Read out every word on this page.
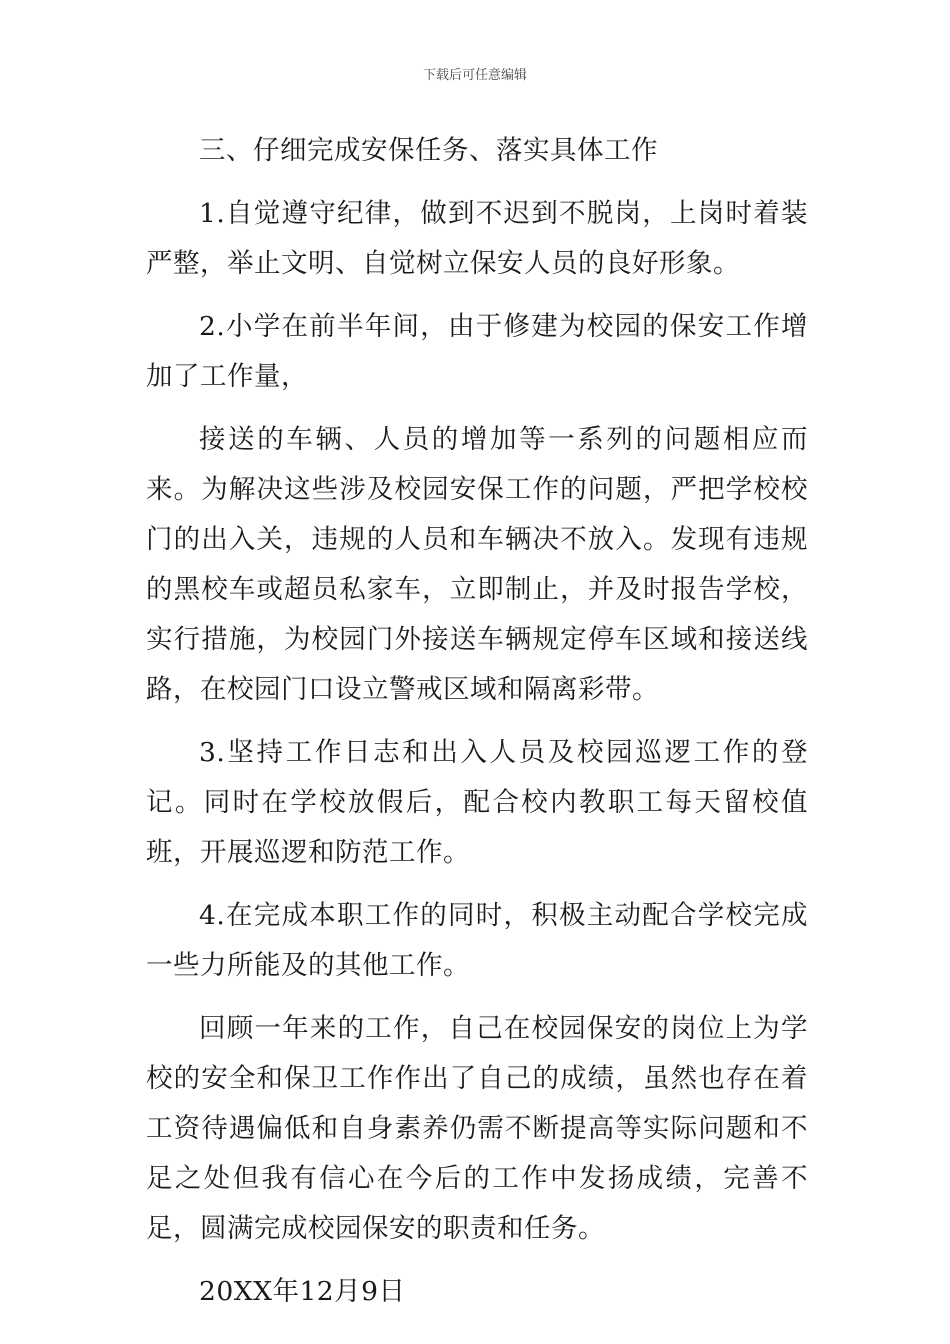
下载后可任意编辑

三、仔细完成安保任务、落实具体工作

1.自觉遵守纪律，做到不迟到不脱岗，上岗时着装严整，举止文明、自觉树立保安人员的良好形象。

2.小学在前半年间，由于修建为校园的保安工作增加了工作量，

接送的车辆、人员的增加等一系列的问题相应而来。为解决这些涉及校园安保工作的问题，严把学校校门的出入关，违规的人员和车辆决不放入。发现有违规的黑校车或超员私家车，立即制止，并及时报告学校，实行措施，为校园门外接送车辆规定停车区域和接送线路，在校园门口设立警戒区域和隔离彩带。

3.坚持工作日志和出入人员及校园巡逻工作的登记。同时在学校放假后，配合校内教职工每天留校值班，开展巡逻和防范工作。

4.在完成本职工作的同时，积极主动配合学校完成一些力所能及的其他工作。

回顾一年来的工作，自己在校园保安的岗位上为学校的安全和保卫工作作出了自己的成绩，虽然也存在着工资待遇偏低和自身素养仍需不断提高等实际问题和不足之处但我有信心在今后的工作中发扬成绩，完善不足，圆满完成校园保安的职责和任务。

20XX年12月9日
